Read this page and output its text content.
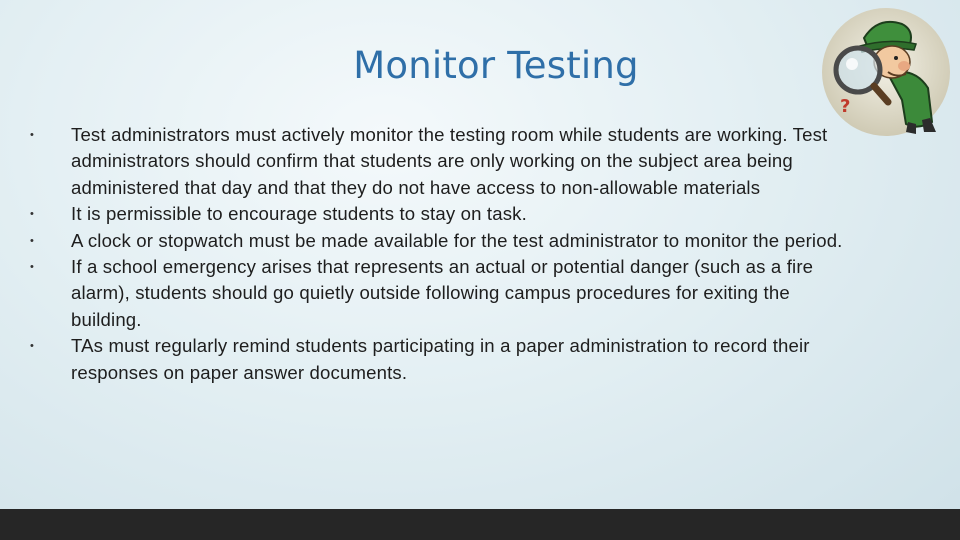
Monitor Testing
•	Test administrators must actively monitor the testing room while students are working. Test administrators should confirm that students are only working on the subject area being administered that day and that they do not have access to non-allowable materials
•	It is permissible to encourage students to stay on task.
•	A clock or stopwatch must be made available for the test administrator to monitor the period.
•	If a school emergency arises that represents an actual or potential danger (such as a fire alarm), students should go quietly outside following campus procedures for exiting the building.
•	TAs must regularly remind students participating in a paper administration to record their responses on paper answer documents.
?
